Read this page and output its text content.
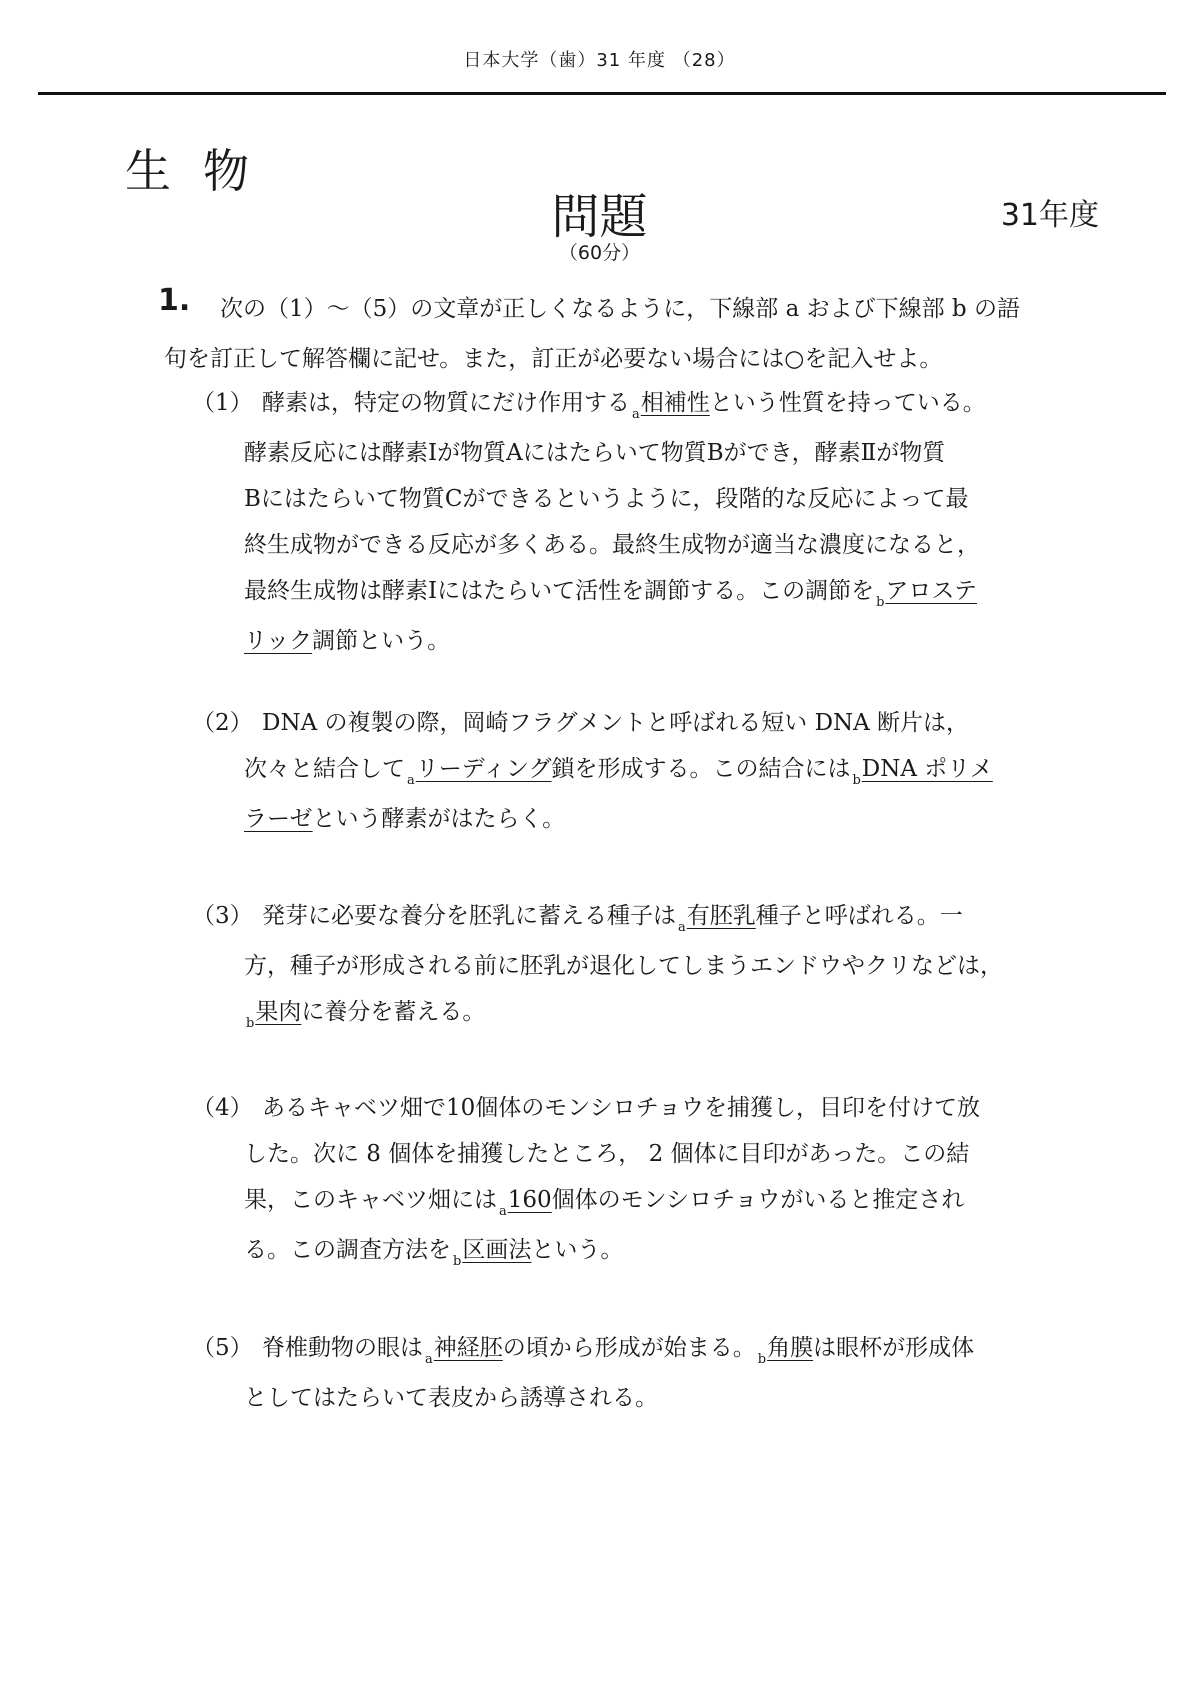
日本大学（歯）31 年度 （28）
生物
問題	31年度
（60分）
1.	次の（1）～（5）の文章が正しくなるように，下線部 a および下線部 b の語
句を訂正して解答欄に記せ。また，訂正が必要ない場合には○を記入せよ。
（1） 酵素は，特定の物質にだけ作用する $_a$相補性という性質を持っている。
酵素反応には酵素Ⅰが物質Aにはたらいて物質Bができ，酵素Ⅱが物質
Bにはたらいて物質Cができるというように，段階的な反応によって最
終生成物ができる反応が多くある。最終生成物が適当な濃度になると，
最終生成物は酵素Ⅰにはたらいて活性を調節する。この調節を $_b$アロステ
リック調節という。
（2） DNA の複製の際，岡崎フラグメントと呼ばれる短い DNA 断片は，
次々と結合して $_a$リーディング鎖を形成する。この結合には $_b$DNA ポリメ
ラーゼという酵素がはたらく。
（3） 発芽に必要な養分を胚乳に蓄える種子は $_a$有胚乳種子と呼ばれる。一
方，種子が形成される前に胚乳が退化してしまうエンドウやクリなどは，
$_b$果肉に養分を蓄える。
（4） あるキャベツ畑で10個体のモンシロチョウを捕獲し，目印を付けて放
した。次に 8 個体を捕獲したところ， 2 個体に目印があった。この結
果，このキャベツ畑には $_a$160個体のモンシロチョウがいると推定され
る。この調査方法を $_b$区画法という。
（5） 脊椎動物の眼は $_a$神経胚の頃から形成が始まる。 $_b$角膜は眼杯が形成体
としてはたらいて表皮から誘導される。
